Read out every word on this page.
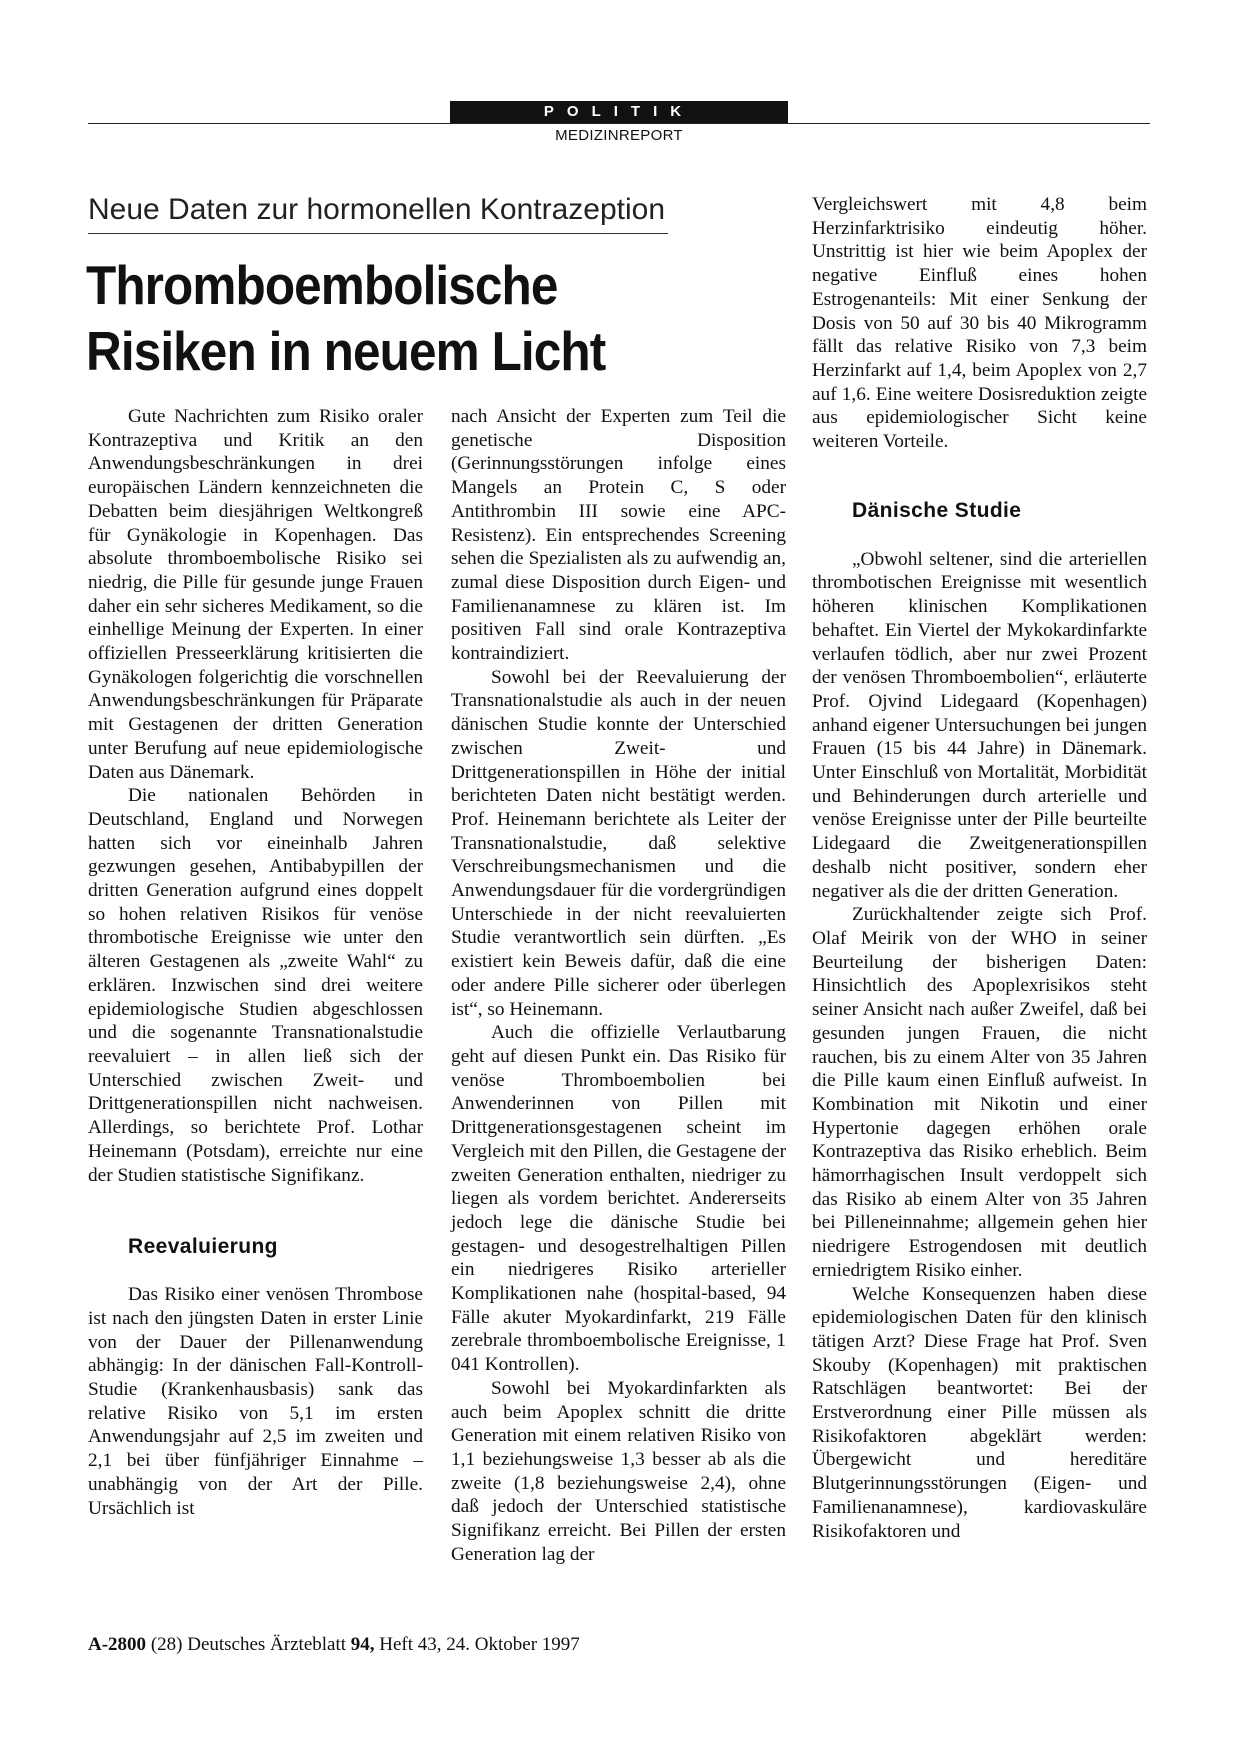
POLITIK
MEDIZINREPORT
Neue Daten zur hormonellen Kontrazeption
Thromboembolische
Risiken in neuem Licht

Gute Nachrichten zum Risiko oraler Kontrazeptiva und Kritik an den Anwendungsbeschränkungen in drei europäischen Ländern kennzeichneten die Debatten beim diesjährigen Weltkongreß für Gynäkologie in Kopenhagen. Das absolute thromboembolische Risiko sei niedrig, die Pille für gesunde junge Frauen daher ein sehr sicheres Medikament, so die einhellige Meinung der Experten. In einer offiziellen Presseerklärung kritisierten die Gynäkologen folgerichtig die vorschnellen Anwendungsbeschränkungen für Präparate mit Gestagenen der dritten Generation unter Berufung auf neue epidemiologische Daten aus Dänemark.

Die nationalen Behörden in Deutschland, England und Norwegen hatten sich vor eineinhalb Jahren gezwungen gesehen, Antibabypillen der dritten Generation aufgrund eines doppelt so hohen relativen Risikos für venöse thrombotische Ereignisse wie unter den älteren Gestagenen als „zweite Wahl“ zu erklären. Inzwischen sind drei weitere epidemiologische Studien abgeschlossen und die sogenannte Transnationalstudie reevaluiert – in allen ließ sich der Unterschied zwischen Zweit- und Drittgenerationspillen nicht nachweisen. Allerdings, so berichtete Prof. Lothar Heinemann (Potsdam), erreichte nur eine der Studien statistische Signifikanz.

Reevaluierung

Das Risiko einer venösen Thrombose ist nach den jüngsten Daten in erster Linie von der Dauer der Pillenanwendung abhängig: In der dänischen Fall-Kontroll-Studie (Krankenhausbasis) sank das relative Risiko von 5,1 im ersten Anwendungsjahr auf 2,5 im zweiten und 2,1 bei über fünfjähriger Einnahme – unabhängig von der Art der Pille. Ursächlich ist

nach Ansicht der Experten zum Teil die genetische Disposition (Gerinnungsstörungen infolge eines Mangels an Protein C, S oder Antithrombin III sowie eine APC-Resistenz). Ein entsprechendes Screening sehen die Spezialisten als zu aufwendig an, zumal diese Disposition durch Eigen- und Familienanamnese zu klären ist. Im positiven Fall sind orale Kontrazeptiva kontraindiziert.

Sowohl bei der Reevaluierung der Transnationalstudie als auch in der neuen dänischen Studie konnte der Unterschied zwischen Zweit- und Drittgenerationspillen in Höhe der initial berichteten Daten nicht bestätigt werden. Prof. Heinemann berichtete als Leiter der Transnationalstudie, daß selektive Verschreibungsmechanismen und die Anwendungsdauer für die vordergründigen Unterschiede in der nicht reevaluierten Studie verantwortlich sein dürften. „Es existiert kein Beweis dafür, daß die eine oder andere Pille sicherer oder überlegen ist“, so Heinemann.

Auch die offizielle Verlautbarung geht auf diesen Punkt ein. Das Risiko für venöse Thromboembolien bei Anwenderinnen von Pillen mit Drittgenerationsgestagenen scheint im Vergleich mit den Pillen, die Gestagene der zweiten Generation enthalten, niedriger zu liegen als vordem berichtet. Andererseits jedoch lege die dänische Studie bei gestagen- und desogestrelhaltigen Pillen ein niedrigeres Risiko arterieller Komplikationen nahe (hospital-based, 94 Fälle akuter Myokardinfarkt, 219 Fälle zerebrale thromboembolische Ereignisse, 1 041 Kontrollen).

Sowohl bei Myokardinfarkten als auch beim Apoplex schnitt die dritte Generation mit einem relativen Risiko von 1,1 beziehungsweise 1,3 besser ab als die zweite (1,8 beziehungsweise 2,4), ohne daß jedoch der Unterschied statistische Signifikanz erreicht. Bei Pillen der ersten Generation lag der

Vergleichswert mit 4,8 beim Herzinfarktrisiko eindeutig höher. Unstrittig ist hier wie beim Apoplex der negative Einfluß eines hohen Estrogenanteils: Mit einer Senkung der Dosis von 50 auf 30 bis 40 Mikrogramm fällt das relative Risiko von 7,3 beim Herzinfarkt auf 1,4, beim Apoplex von 2,7 auf 1,6. Eine weitere Dosisreduktion zeigte aus epidemiologischer Sicht keine weiteren Vorteile.

Dänische Studie

„Obwohl seltener, sind die arteriellen thrombotischen Ereignisse mit wesentlich höheren klinischen Komplikationen behaftet. Ein Viertel der Mykokardinfarkte verlaufen tödlich, aber nur zwei Prozent der venösen Thromboembolien“, erläuterte Prof. Ojvind Lidegaard (Kopenhagen) anhand eigener Untersuchungen bei jungen Frauen (15 bis 44 Jahre) in Dänemark. Unter Einschluß von Mortalität, Morbidität und Behinderungen durch arterielle und venöse Ereignisse unter der Pille beurteilte Lidegaard die Zweitgenerationspillen deshalb nicht positiver, sondern eher negativer als die der dritten Generation.

Zurückhaltender zeigte sich Prof. Olaf Meirik von der WHO in seiner Beurteilung der bisherigen Daten: Hinsichtlich des Apoplexrisikos steht seiner Ansicht nach außer Zweifel, daß bei gesunden jungen Frauen, die nicht rauchen, bis zu einem Alter von 35 Jahren die Pille kaum einen Einfluß aufweist. In Kombination mit Nikotin und einer Hypertonie dagegen erhöhen orale Kontrazeptiva das Risiko erheblich. Beim hämorrhagischen Insult verdoppelt sich das Risiko ab einem Alter von 35 Jahren bei Pilleneinnahme; allgemein gehen hier niedrigere Estrogendosen mit deutlich erniedrigtem Risiko einher.

Welche Konsequenzen haben diese epidemiologischen Daten für den klinisch tätigen Arzt? Diese Frage hat Prof. Sven Skouby (Kopenhagen) mit praktischen Ratschlägen beantwortet: Bei der Erstverordnung einer Pille müssen als Risikofaktoren abgeklärt werden: Übergewicht und hereditäre Blutgerinnungsstörungen (Eigen- und Familienanamnese), kardiovaskuläre Risikofaktoren und

A-2800 (28) Deutsches Ärzteblatt 94, Heft 43, 24. Oktober 1997
